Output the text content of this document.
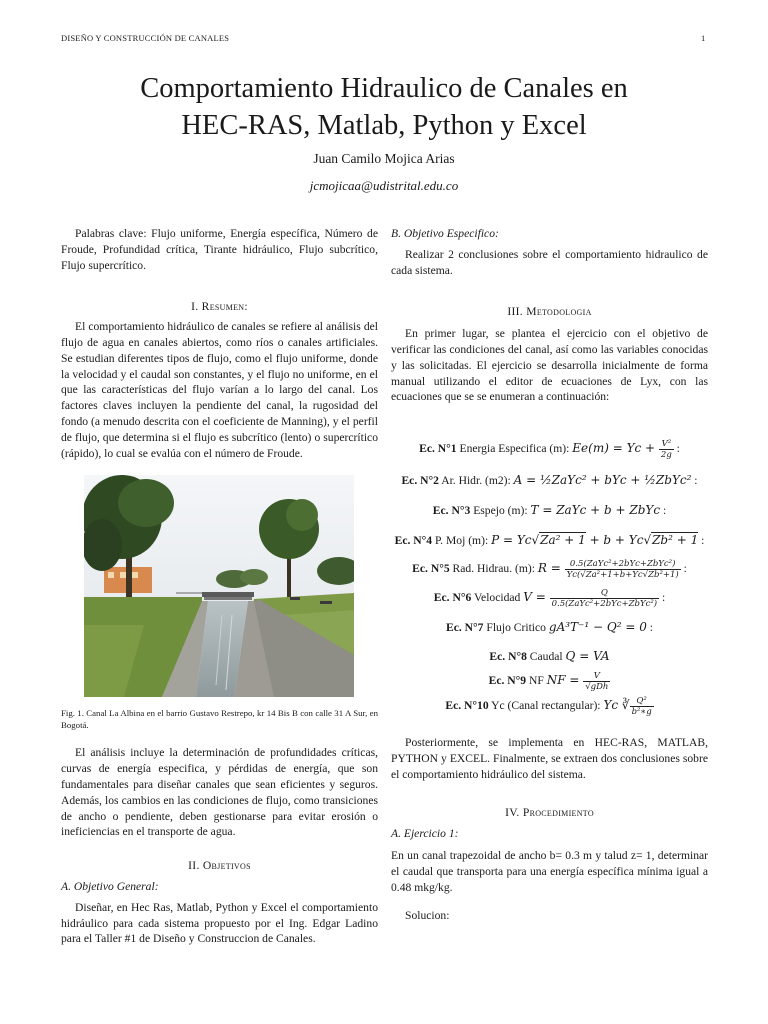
DISEÑO Y CONSTRUCCIÓN DE CANALES	1
Comportamiento Hidraulico de Canales en
HEC-RAS, Matlab, Python y Excel
Juan Camilo Mojica Arias
jcmojicaa@udistrital.edu.co

Palabras clave: Flujo uniforme, Energía específica, Número de Froude, Profundidad crítica, Tirante hidráulico, Flujo subcrítico, Flujo supercrítico.

I. Resumen:

El comportamiento hidráulico de canales se refiere al análisis del flujo de agua en canales abiertos, como ríos o canales artificiales. Se estudian diferentes tipos de flujo, como el flujo uniforme, donde la velocidad y el caudal son constantes, y el flujo no uniforme, en el que las características del flujo varían a lo largo del canal. Los factores claves incluyen la pendiente del canal, la rugosidad del fondo (a menudo descrita con el coeficiente de Manning), y el perfil de flujo, que determina si el flujo es subcrítico (lento) o supercrítico (rápido), lo cual se evalúa con el número de Froude.

Fig. 1. Canal La Albina en el barrio Gustavo Restrepo, kr 14 Bis B con calle 31 A Sur, en Bogotá.

El análisis incluye la determinación de profundidades críticas, curvas de energía especifica, y pérdidas de energía, que son fundamentales para diseñar canales que sean eficientes y seguros. Además, los cambios en las condiciones de flujo, como transiciones de ancho o pendiente, deben gestionarse para evitar erosión o ineficiencias en el transporte de agua.

II. Objetivos

A. Objetivo General:

Diseñar, en Hec Ras, Matlab, Python y Excel el comportamiento hidráulico para cada sistema propuesto por el Ing. Edgar Ladino para el Taller #1 de Diseño y Construccion de Canales.

B. Objetivo Especifico:

Realizar 2 conclusiones sobre el comportamiento hidraulico de cada sistema.

III. Metodologia

En primer lugar, se plantea el ejercicio con el objetivo de verificar las condiciones del canal, así como las variables conocidas y las solicitadas. El ejercicio se desarrolla inicialmente de forma manual utilizando el editor de ecuaciones de Lyx, con las ecuaciones que se se enumeran a continuación:

Ec. N°1 Energia Especifica (m): $Ee(m) = Yc + \frac{\text{V²}}{2g}$ :
Ec. N°2 Ar. Hidr. (m2): A = ½ZaYc² + bYc + ½ZbYc² :
Ec. N°3 Espejo (m): T = ZaYc + b + ZbYc :
Ec. N°4 P. Moj (m): P = Yc√Za² + 1 + b + Yc√Zb² + 1 :
Ec. N°5 Rad. Hidrau. (m): $R = \frac{\text{0.5(ZaYc²+2bYc+ZbYc²)}}{\text{Yc(√Za²+1+b+Yc√Zb²+1)}}$ :
Ec. N°6 Velocidad $V = \frac{Q}{\text{0.5(ZaYc²+2bYc+ZbYc²)}}$ :
Ec. N°7 Flujo Critico gA³T⁻¹ − Q² = 0 :
Ec. N°8 Caudal Q = VA
Ec. N°9 NF NF = $\frac{V}{\text{√gDh}}$
Ec. N°10 Yc (Canal rectangular): Yc ∛ $\frac{\text{Q²}}{\text{b²∗g}}$

Posteriormente, se implementa en HEC-RAS, MATLAB, PYTHON y EXCEL. Finalmente, se extraen dos conclusiones sobre el comportamiento hidráulico del sistema.

IV. Procedimiento

A. Ejercicio 1:

En un canal trapezoidal de ancho b= 0.3 m y talud z= 1, determinar el caudal que transporta para una energía específica mínima igual a 0.48 mkg/kg.

Solucion:
